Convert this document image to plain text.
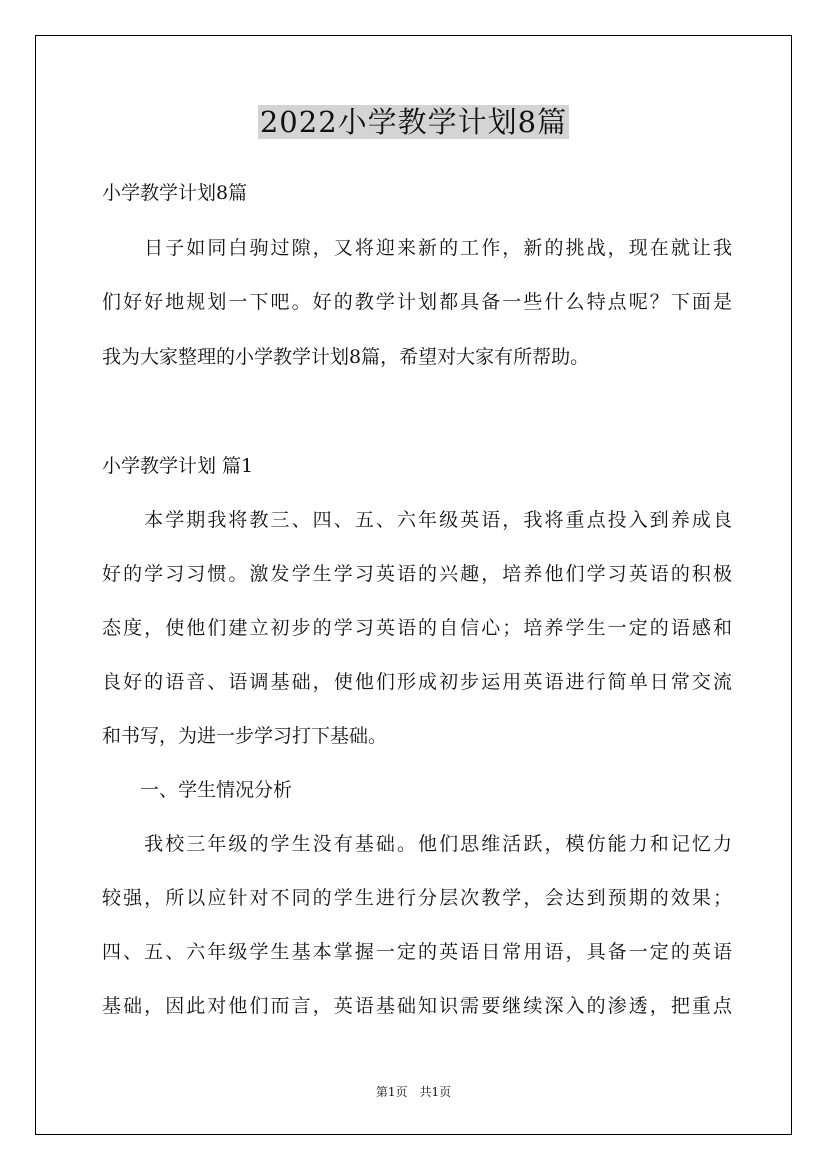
2022小学教学计划8篇
小学教学计划8篇
　　日子如同白驹过隙，又将迎来新的工作，新的挑战，现在就让我
们好好地规划一下吧。好的教学计划都具备一些什么特点呢？下面是
我为大家整理的小学教学计划8篇，希望对大家有所帮助。
小学教学计划 篇1
　　本学期我将教三、四、五、六年级英语，我将重点投入到养成良
好的学习习惯。激发学生学习英语的兴趣，培养他们学习英语的积极
态度，使他们建立初步的学习英语的自信心；培养学生一定的语感和
良好的语音、语调基础，使他们形成初步运用英语进行简单日常交流
和书写，为进一步学习打下基础。
　　一、学生情况分析
　　我校三年级的学生没有基础。他们思维活跃，模仿能力和记忆力
较强，所以应针对不同的学生进行分层次教学，会达到预期的效果；
四、五、六年级学生基本掌握一定的英语日常用语，具备一定的英语
基础，因此对他们而言，英语基础知识需要继续深入的渗透，把重点
第1页　共1页
